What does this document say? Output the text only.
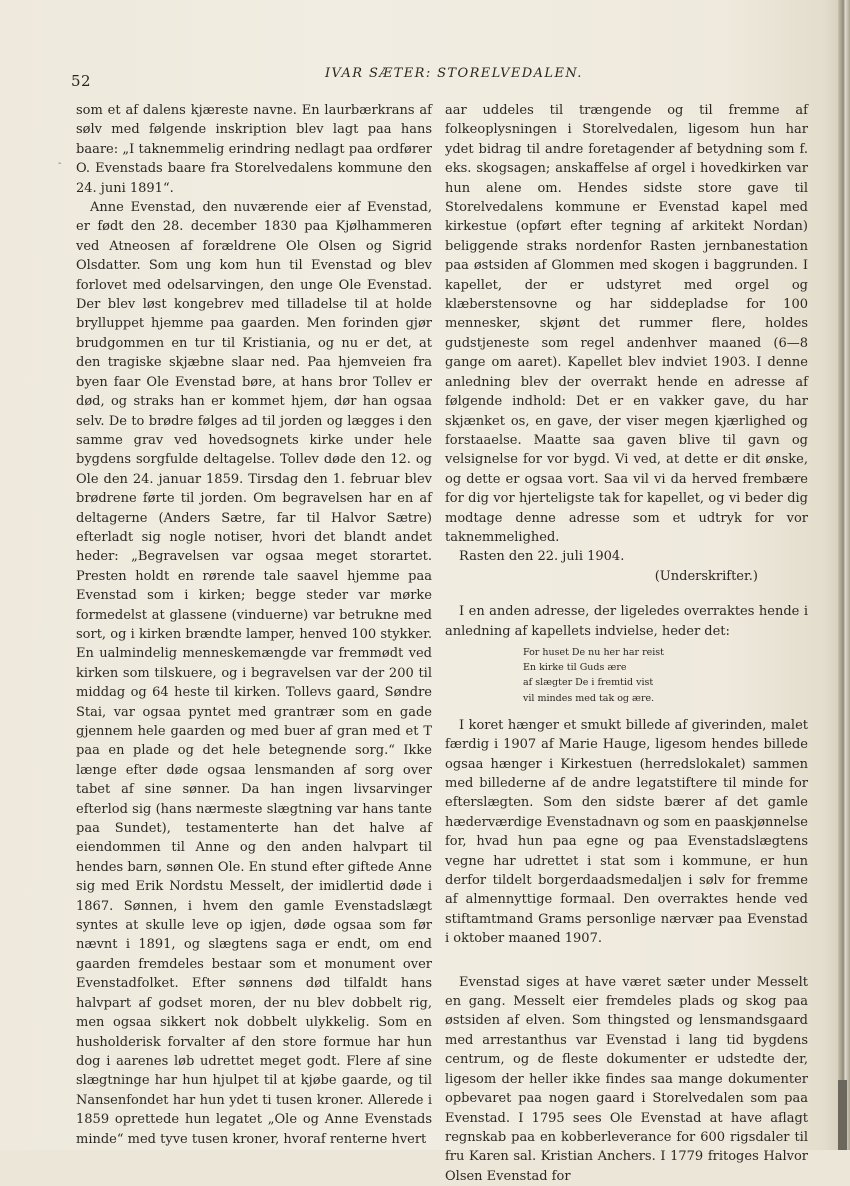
52	IVAR SÆTER: STORELVEDALEN.
-

som et af dalens kjæreste navne. En laurbærkrans af sølv med følgende inskription blev lagt paa hans baare: „I taknemmelig erindring nedlagt paa ordfører O. Evenstads baare fra Storelvedalens kommune den 24. juni 1891“.

Anne Evenstad, den nuværende eier af Evenstad, er født den 28. december 1830 paa Kjølhammeren ved Atneosen af forældrene Ole Olsen og Sigrid Olsdatter. Som ung kom hun til Evenstad og blev forlovet med odelsarvingen, den unge Ole Evenstad. Der blev løst kongebrev med tilladelse til at holde brylluppet hjemme paa gaarden. Men forinden gjør brudgommen en tur til Kristiania, og nu er det, at den tragiske skjæbne slaar ned. Paa hjemveien fra byen faar Ole Evenstad børe, at hans bror Tollev er død, og straks han er kommet hjem, dør han ogsaa selv. De to brødre følges ad til jorden og lægges i den samme grav ved hovedsognets kirke under hele bygdens sorgfulde deltagelse. Tollev døde den 12. og Ole den 24. januar 1859. Tirsdag den 1. februar blev brødrene førte til jorden. Om begravelsen har en af deltagerne (Anders Sætre, far til Halvor Sætre) efterladt sig nogle notiser, hvori det blandt andet heder: „Begravelsen var ogsaa meget storartet. Presten holdt en rørende tale saavel hjemme paa Evenstad som i kirken; begge steder var mørke formedelst at glassene (vinduerne) var betrukne med sort, og i kirken brændte lamper, henved 100 stykker. En ualmindelig menneskemængde var fremmødt ved kirken som tilskuere, og i begravelsen var der 200 til middag og 64 heste til kirken. Tollevs gaard, Søndre Stai, var ogsaa pyntet med grantrær som en gade gjennem hele gaarden og med buer af gran med et T paa en plade og det hele betegnende sorg.“ Ikke længe efter døde ogsaa lensmanden af sorg over tabet af sine sønner. Da han ingen livsarvinger efterlod sig (hans nærmeste slægtning var hans tante paa Sundet), testamenterte han det halve af eiendommen til Anne og den anden halvpart til hendes barn, sønnen Ole. En stund efter giftede Anne sig med Erik Nordstu Messelt, der imidlertid døde i 1867. Sønnen, i hvem den gamle Evenstadslægt syntes at skulle leve op igjen, døde ogsaa som før nævnt i 1891, og slægtens saga er endt, om end gaarden fremdeles bestaar som et monument over Evenstadfolket. Efter sønnens død tilfaldt hans halvpart af godset moren, der nu blev dobbelt rig, men ogsaa sikkert nok dobbelt ulykkelig. Som en husholderisk forvalter af den store formue har hun dog i aarenes løb udrettet meget godt. Flere af sine slægtninge har hun hjulpet til at kjøbe gaarde, og til Nansenfondet har hun ydet ti tusen kroner. Allerede i 1859 oprettede hun legatet „Ole og Anne Evenstads minde“ med tyve tusen kroner, hvoraf renterne hvert

aar uddeles til trængende og til fremme af folkeoplysningen i Storelvedalen, ligesom hun har ydet bidrag til andre foretagender af betydning som f. eks. skogsagen; anskaffelse af orgel i hovedkirken var hun alene om. Hendes sidste store gave til Storelvedalens kommune er Evenstad kapel med kirkestue (opført efter tegning af arkitekt Nordan) beliggende straks nordenfor Rasten jernbanestation paa østsiden af Glommen med skogen i baggrunden. I kapellet, der er udstyret med orgel og klæberstensovne og har siddepladse for 100 mennesker, skjønt det rummer flere, holdes gudstjeneste som regel andenhver maaned (6—8 gange om aaret). Kapellet blev indviet 1903. I denne anledning blev der overrakt hende en adresse af følgende indhold: Det er en vakker gave, du har skjænket os, en gave, der viser megen kjærlighed og forstaaelse. Maatte saa gaven blive til gavn og velsignelse for vor bygd. Vi ved, at dette er dit ønske, og dette er ogsaa vort. Saa vil vi da herved frembære for dig vor hjerteligste tak for kapellet, og vi beder dig modtage denne adresse som et udtryk for vor taknemmelighed.

Rasten den 22. juli 1904.

(Underskrifter.)

I en anden adresse, der ligeledes overraktes hende i anledning af kapellets indvielse, heder det:

For huset De nu her har reist
En kirke til Guds ære
af slægter De i fremtid vist
vil mindes med tak og ære.

I koret hænger et smukt billede af giverinden, malet færdig i 1907 af Marie Hauge, ligesom hendes billede ogsaa hænger i Kirkestuen (herredslokalet) sammen med billederne af de andre legatstiftere til minde for efterslægten. Som den sidste bærer af det gamle hæderværdige Evenstadnavn og som en paaskjønnelse for, hvad hun paa egne og paa Evenstadslægtens vegne har udrettet i stat som i kommune, er hun derfor tildelt borgerdaadsmedaljen i sølv for fremme af almennyttige formaal. Den overraktes hende ved stiftamtmand Grams personlige nærvær paa Evenstad i oktober maaned 1907.

Evenstad siges at have været sæter under Messelt en gang. Messelt eier fremdeles plads og skog paa østsiden af elven. Som thingsted og lensmandsgaard med arrestanthus var Evenstad i lang tid bygdens centrum, og de fleste dokumenter er udstedte der, ligesom der heller ikke findes saa mange dokumenter opbevaret paa nogen gaard i Storelvedalen som paa Evenstad. I 1795 sees Ole Evenstad at have aflagt regnskab paa en kobberleverance for 600 rigsdaler til fru Karen sal. Kristian Anchers. I 1779 fritoges Halvor Olsen Evenstad for
